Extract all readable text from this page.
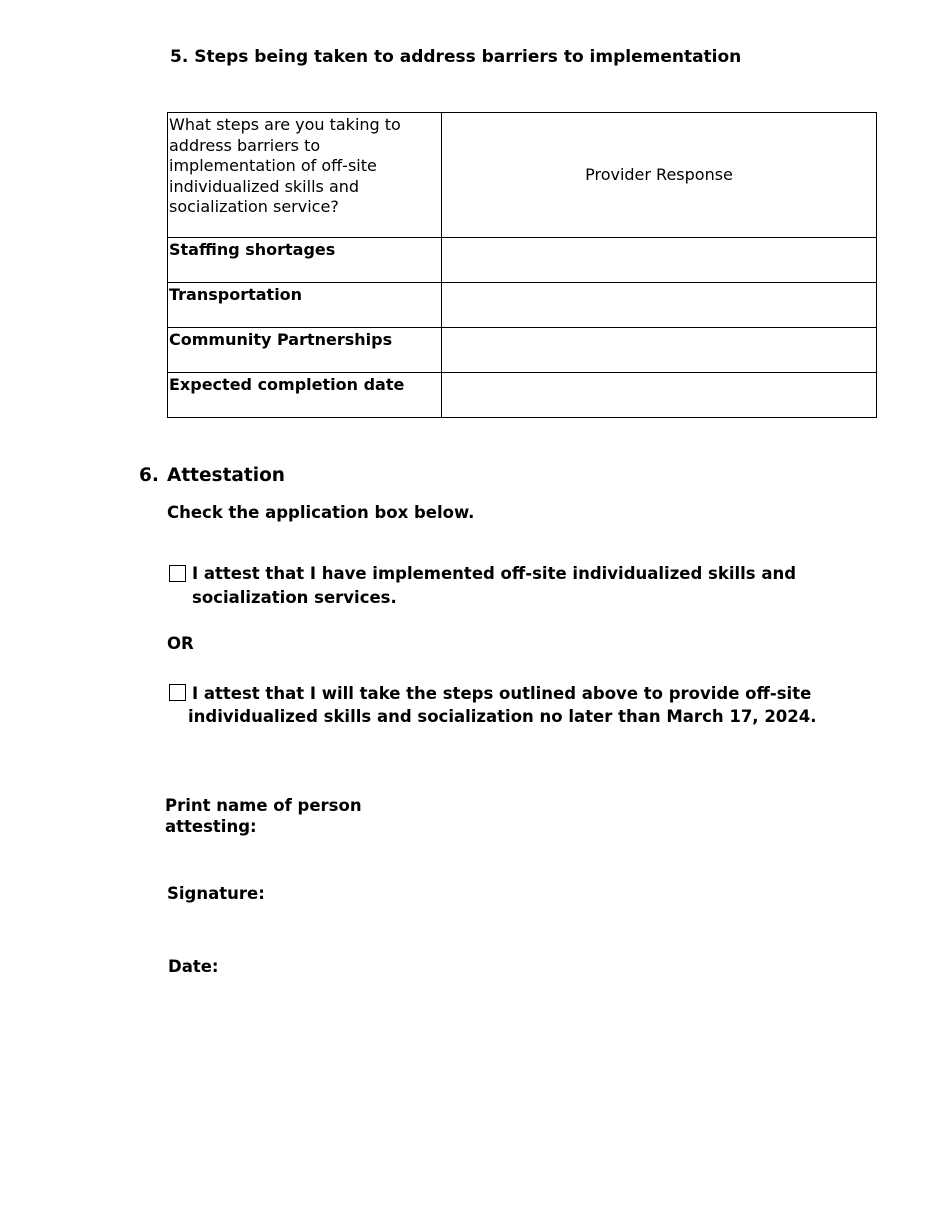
5. Steps being taken to address barriers to implementation
What steps are you taking to address barriers to implementation of off-site individualized skills and socialization service?	Provider Response
Staffing shortages	
Transportation	
Community Partnerships	
Expected completion date	
6. Attestation
Check the application box below.
I attest that I have implemented off-site individualized skills and
socialization services.
OR
I attest that I will take the steps outlined above to provide off-site
individualized skills and socialization no later than March 17, 2024.
Print name of person
attesting:
Signature:
Date:
